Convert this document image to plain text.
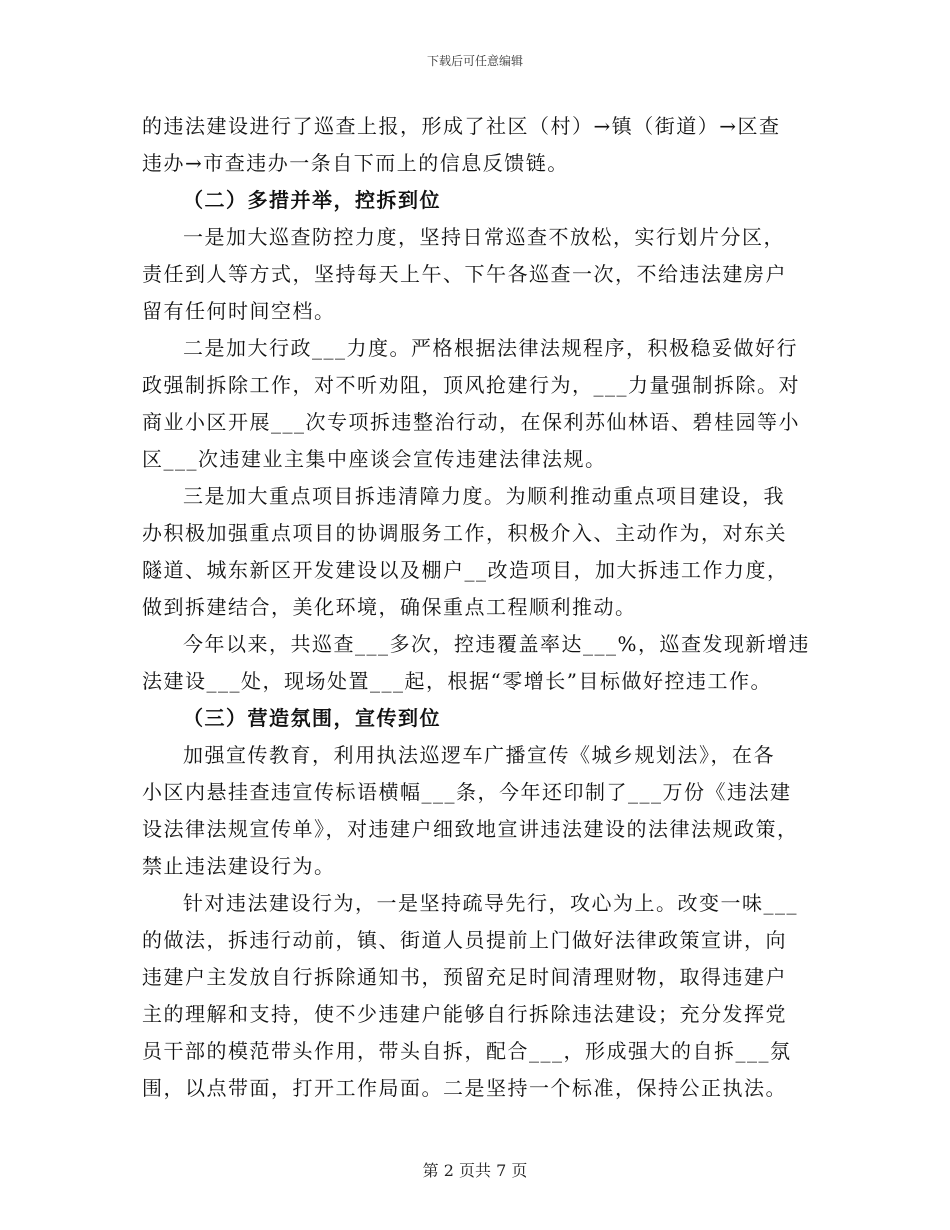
下载后可任意编辑
的违法建设进行了巡查上报，形成了社区（村）→镇（街道）→区查
违办→市查违办一条自下而上的信息反馈链。
（二）多措并举，控拆到位
一是加大巡查防控力度，坚持日常巡查不放松，实行划片分区，
责任到人等方式，坚持每天上午、下午各巡查一次，不给违法建房户
留有任何时间空档。
二是加大行政___力度。严格根据法律法规程序，积极稳妥做好行
政强制拆除工作，对不听劝阻，顶风抢建行为，___力量强制拆除。对
商业小区开展___次专项拆违整治行动，在保利苏仙林语、碧桂园等小
区___次违建业主集中座谈会宣传违建法律法规。
三是加大重点项目拆违清障力度。为顺利推动重点项目建设，我
办积极加强重点项目的协调服务工作，积极介入、主动作为，对东关
隧道、城东新区开发建设以及棚户__改造项目，加大拆违工作力度，
做到拆建结合，美化环境，确保重点工程顺利推动。
今年以来，共巡查___多次，控违覆盖率达___%，巡查发现新增违
法建设___处，现场处置___起，根据“零增长”目标做好控违工作。
（三）营造氛围，宣传到位
加强宣传教育，利用执法巡逻车广播宣传《城乡规划法》，在各
小区内悬挂查违宣传标语横幅___条，今年还印制了___万份《违法建
设法律法规宣传单》，对违建户细致地宣讲违法建设的法律法规政策，
禁止违法建设行为。
针对违法建设行为，一是坚持疏导先行，攻心为上。改变一味___
的做法，拆违行动前，镇、街道人员提前上门做好法律政策宣讲，向
违建户主发放自行拆除通知书，预留充足时间清理财物，取得违建户
主的理解和支持，使不少违建户能够自行拆除违法建设；充分发挥党
员干部的模范带头作用，带头自拆，配合___，形成强大的自拆___氛
围，以点带面，打开工作局面。二是坚持一个标准，保持公正执法。
第 2 页共 7 页
